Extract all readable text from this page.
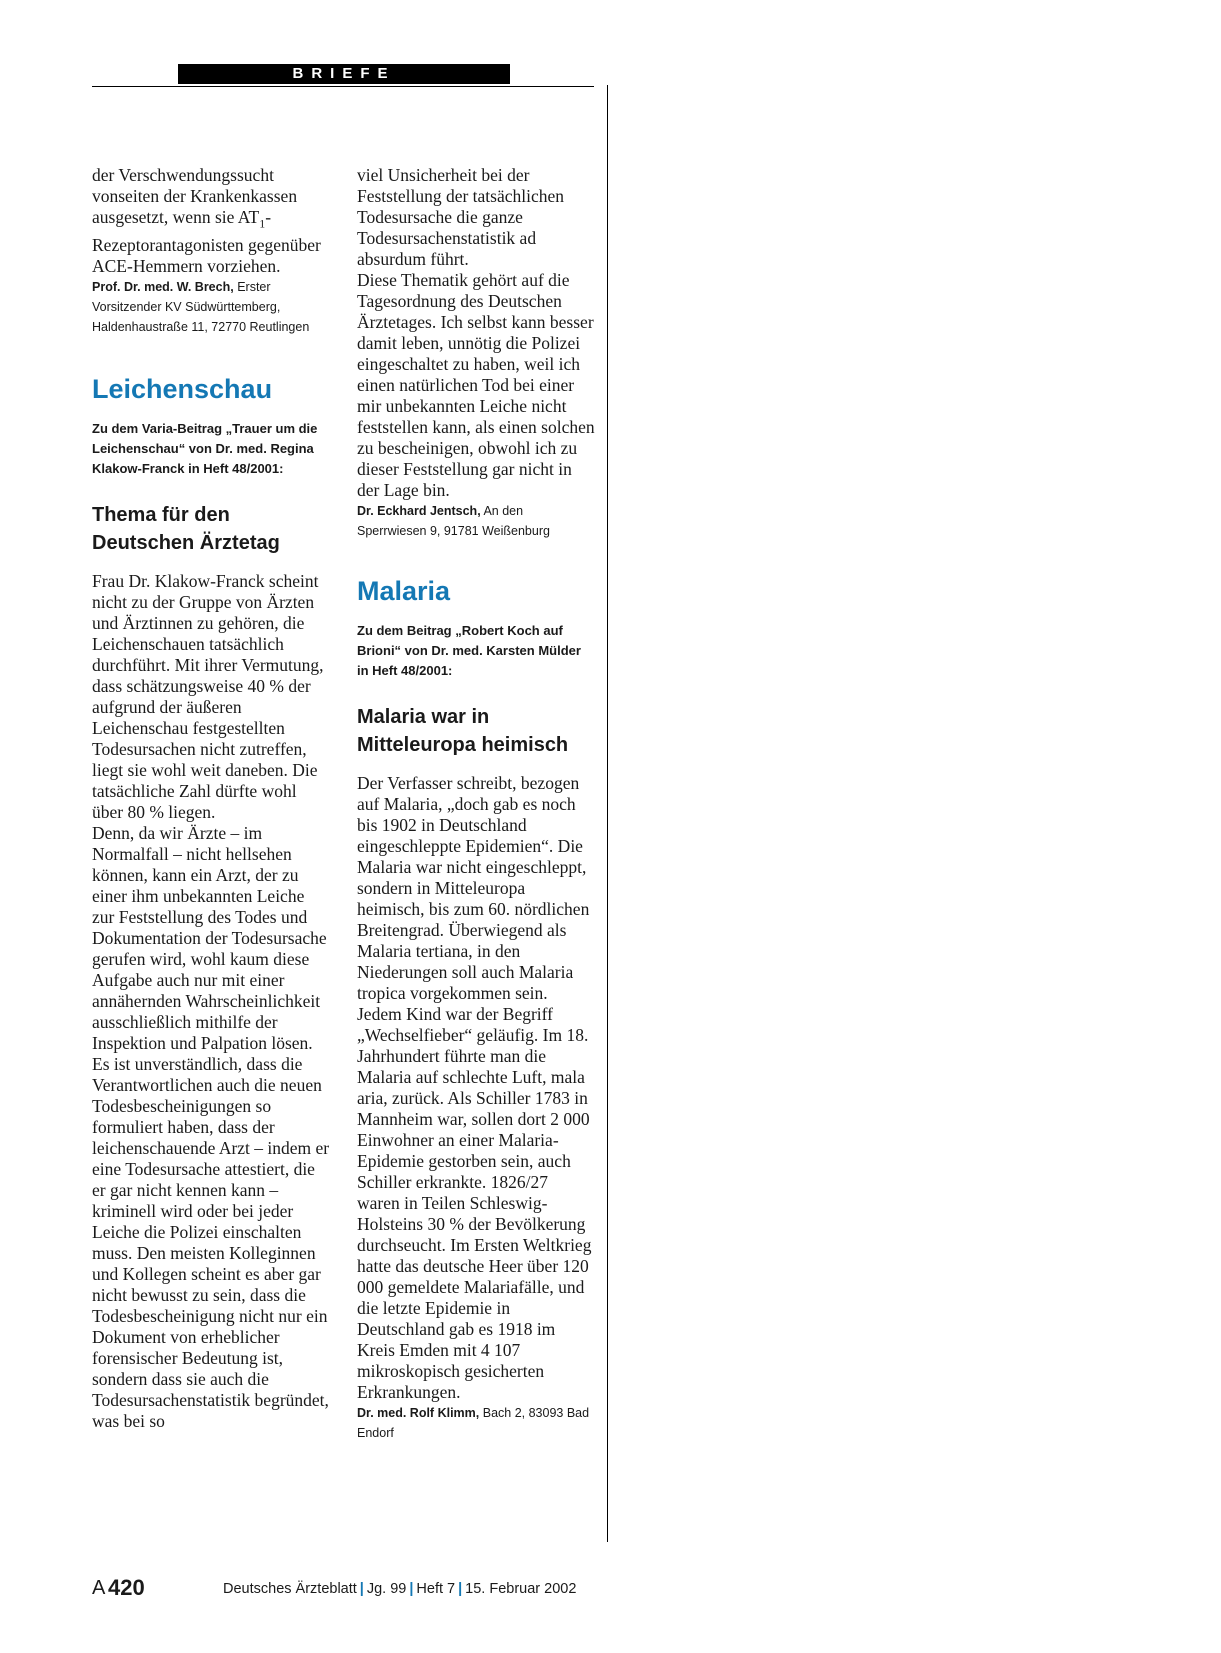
BRIEFE

der Verschwendungssucht vonseiten der Krankenkassen ausgesetzt, wenn sie $AT_1$-Rezeptorantagonisten gegenüber ACE-Hemmern vorziehen.

Prof. Dr. med. W. Brech, Erster Vorsitzender KV Südwürttemberg, Haldenhaustraße 11, 72770 Reutlingen

Leichenschau

Zu dem Varia-Beitrag „Trauer um die Leichenschau“ von Dr. med. Regina Klakow-Franck in Heft 48/2001:

Thema für den Deutschen Ärztetag

Frau Dr. Klakow-Franck scheint nicht zu der Gruppe von Ärzten und Ärztinnen zu gehören, die Leichenschauen tatsächlich durchführt. Mit ihrer Vermutung, dass schätzungsweise 40 % der aufgrund der äußeren Leichenschau festgestellten Todesursachen nicht zutreffen, liegt sie wohl weit daneben. Die tatsächliche Zahl dürfte wohl über 80 % liegen.

Denn, da wir Ärzte – im Normalfall – nicht hellsehen können, kann ein Arzt, der zu einer ihm unbekannten Leiche zur Feststellung des Todes und Dokumentation der Todesursache gerufen wird, wohl kaum diese Aufgabe auch nur mit einer annähernden Wahrscheinlichkeit ausschließlich mithilfe der Inspektion und Palpation lösen. Es ist unverständlich, dass die Verantwortlichen auch die neuen Todesbescheinigungen so formuliert haben, dass der leichenschauende Arzt – indem er eine Todesursache attestiert, die er gar nicht kennen kann – kriminell wird oder bei jeder Leiche die Polizei einschalten muss. Den meisten Kolleginnen und Kollegen scheint es aber gar nicht bewusst zu sein, dass die Todesbescheinigung nicht nur ein Dokument von erheblicher forensischer Bedeutung ist, sondern dass sie auch die Todesursachenstatistik begründet, was bei so

viel Unsicherheit bei der Feststellung der tatsächlichen Todesursache die ganze Todesursachenstatistik ad absurdum führt.

Diese Thematik gehört auf die Tagesordnung des Deutschen Ärztetages. Ich selbst kann besser damit leben, unnötig die Polizei eingeschaltet zu haben, weil ich einen natürlichen Tod bei einer mir unbekannten Leiche nicht feststellen kann, als einen solchen zu bescheinigen, obwohl ich zu dieser Feststellung gar nicht in der Lage bin.

Dr. Eckhard Jentsch, An den Sperrwiesen 9, 91781 Weißenburg

Malaria

Zu dem Beitrag „Robert Koch auf Brioni“ von Dr. med. Karsten Mülder in Heft 48/2001:

Malaria war in Mitteleuropa heimisch

Der Verfasser schreibt, bezogen auf Malaria, „doch gab es noch bis 1902 in Deutschland eingeschleppte Epidemien“. Die Malaria war nicht eingeschleppt, sondern in Mitteleuropa heimisch, bis zum 60. nördlichen Breitengrad. Überwiegend als Malaria tertiana, in den Niederungen soll auch Malaria tropica vorgekommen sein. Jedem Kind war der Begriff „Wechselfieber“ geläufig. Im 18. Jahrhundert führte man die Malaria auf schlechte Luft, mala aria, zurück. Als Schiller 1783 in Mannheim war, sollen dort 2 000 Einwohner an einer Malaria-Epidemie gestorben sein, auch Schiller erkrankte. 1826/27 waren in Teilen Schleswig-Holsteins 30 % der Bevölkerung durchseucht. Im Ersten Weltkrieg hatte das deutsche Heer über 120 000 gemeldete Malariafälle, und die letzte Epidemie in Deutschland gab es 1918 im Kreis Emden mit 4 107 mikroskopisch gesicherten Erkrankungen.

Dr. med. Rolf Klimm, Bach 2, 83093 Bad Endorf

A 420	Deutsches Ärzteblatt | Jg. 99 | Heft 7 | 15. Februar 2002
